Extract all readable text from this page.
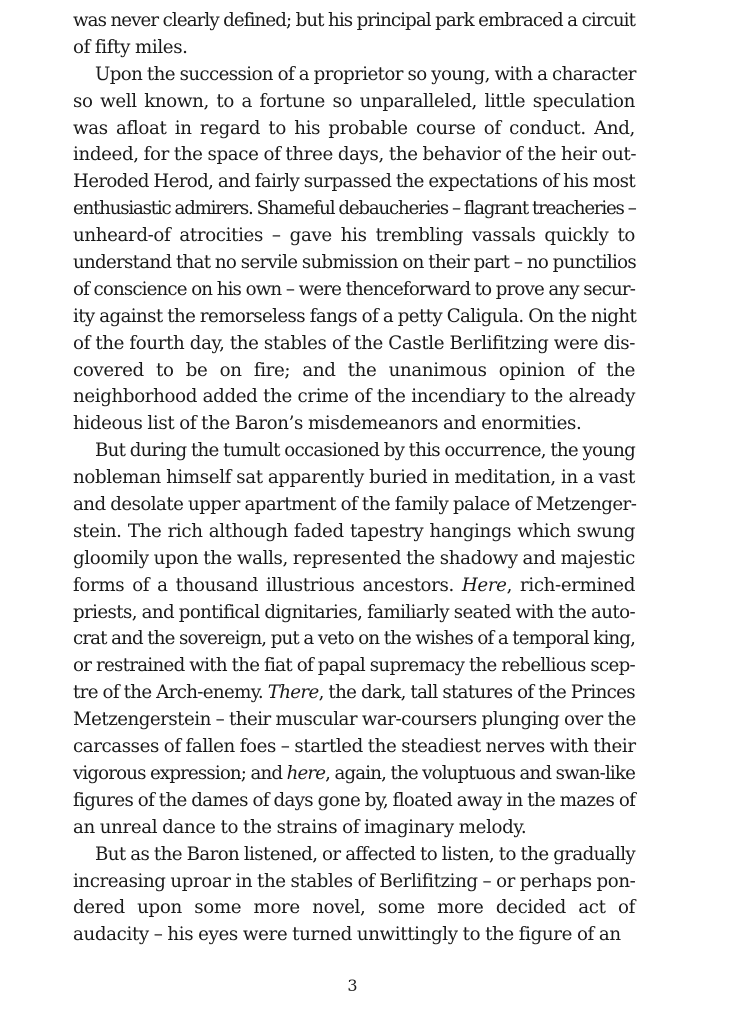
was never clearly defined; but his principal park embraced a circuit
of fifty miles.
Upon the succession of a proprietor so young, with a character
so well known, to a fortune so unparalleled, little speculation
was afloat in regard to his probable course of conduct. And,
indeed, for the space of three days, the behavior of the heir out-
Heroded Herod, and fairly surpassed the expectations of his most
enthusiastic admirers. Shameful debaucheries – flagrant treacheries –
unheard-of atrocities – gave his trembling vassals quickly to
understand that no servile submission on their part – no punctilios
of conscience on his own – were thenceforward to prove any secur-
ity against the remorseless fangs of a petty Caligula. On the night
of the fourth day, the stables of the Castle Berlifitzing were dis-
covered to be on fire; and the unanimous opinion of the
neighborhood added the crime of the incendiary to the already
hideous list of the Baron’s misdemeanors and enormities.
But during the tumult occasioned by this occurrence, the young
nobleman himself sat apparently buried in meditation, in a vast
and desolate upper apartment of the family palace of Metzenger-
stein. The rich although faded tapestry hangings which swung
gloomily upon the walls, represented the shadowy and majestic
forms of a thousand illustrious ancestors. Here, rich-ermined
priests, and pontifical dignitaries, familiarly seated with the auto-
crat and the sovereign, put a veto on the wishes of a temporal king,
or restrained with the fiat of papal supremacy the rebellious scep-
tre of the Arch-enemy. There, the dark, tall statures of the Princes
Metzengerstein – their muscular war-coursers plunging over the
carcasses of fallen foes – startled the steadiest nerves with their
vigorous expression; and here, again, the voluptuous and swan-like
figures of the dames of days gone by, floated away in the mazes of
an unreal dance to the strains of imaginary melody.
But as the Baron listened, or affected to listen, to the gradually
increasing uproar in the stables of Berlifitzing – or perhaps pon-
dered upon some more novel, some more decided act of
audacity – his eyes were turned unwittingly to the figure of an
3
